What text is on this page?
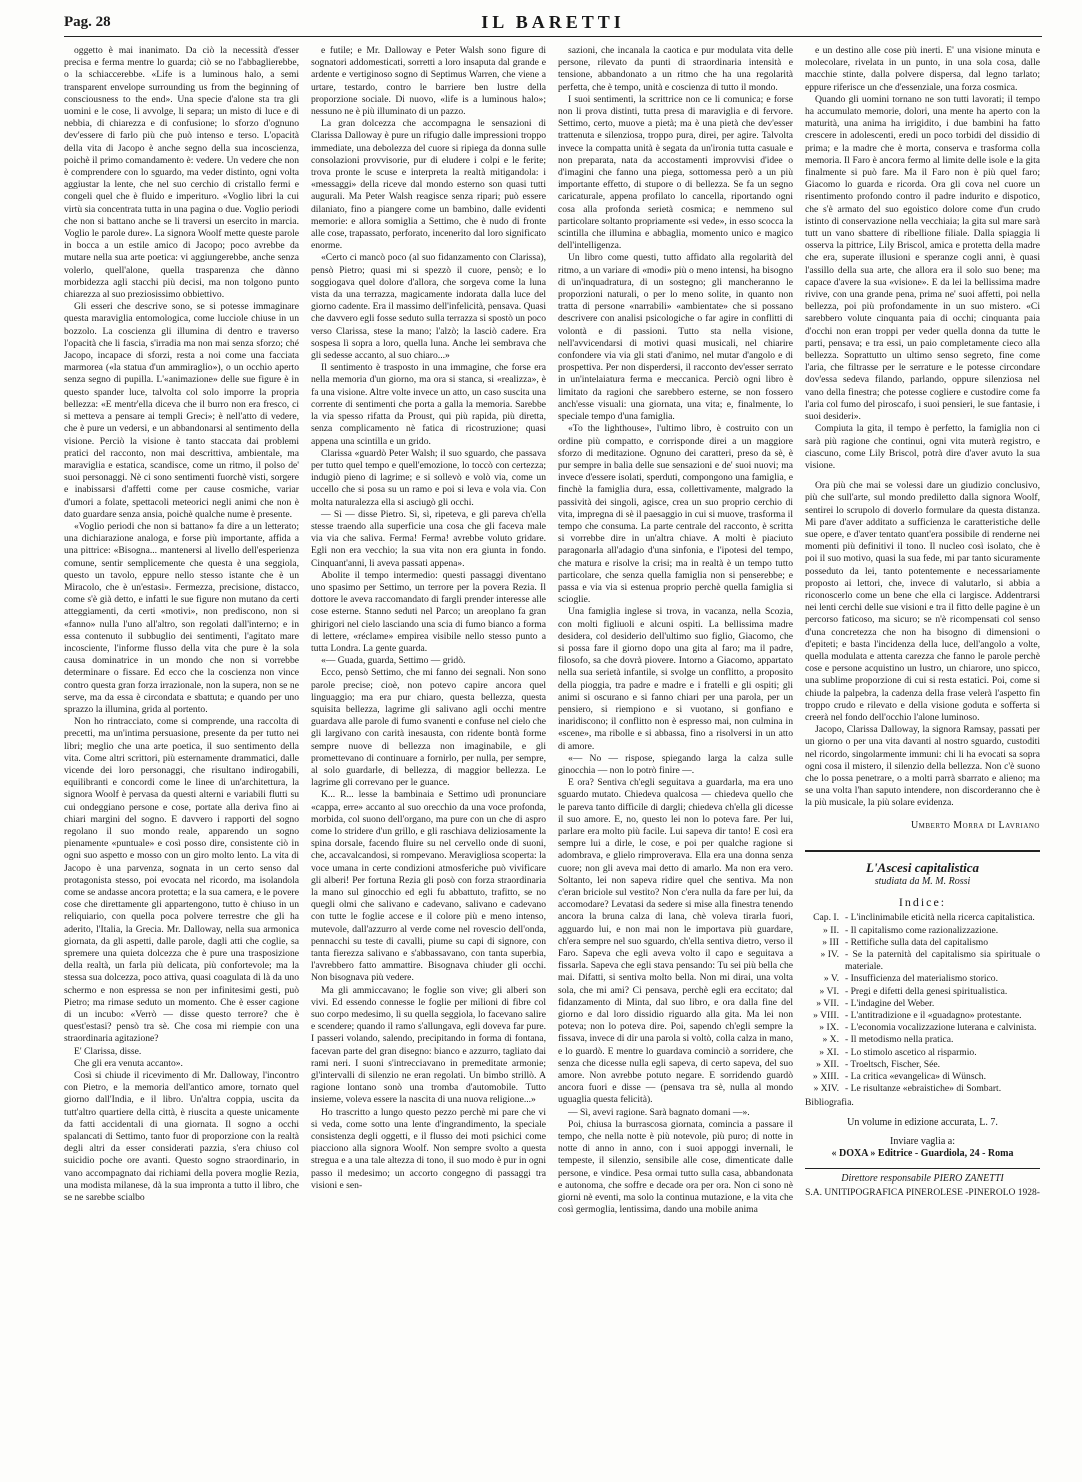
Pag. 28	IL BARETTI

oggetto è mai inanimato. Da ciò la necessità d'esser precisa e ferma mentre lo guarda; ciò se no l'abbaglierebbe, o la schiaccerebbe. «Life is a luminous halo, a semi transparent envelope surrounding us from the beginning of consciousness to the end». Una specie d'alone sta tra gli uomini e le cose, li avvolge, li separa; un misto di luce e di nebbia, di chiarezza e di confusione; lo sforzo d'ognuno dev'essere di farlo più che può intenso e terso. L'opacità della vita di Jacopo è anche segno della sua incoscienza, poichè il primo comandamento è: vedere. Un vedere che non è comprendere con lo sguardo, ma veder distinto, ogni volta aggiustar la lente, che nel suo cerchio di cristallo fermi e congeli quel che è fluido e imperituro. «Voglio libri la cui virtù sia concentrata tutta in una pagina o due. Voglio periodi che non si battano anche se li traversi un esercito in marcia. Voglio le parole dure». La signora Woolf mette queste parole in bocca a un estile amico di Jacopo; poco avrebbe da mutare nella sua arte poetica: vi aggiungerebbe, anche senza volerlo, quell'alone, quella trasparenza che dànno morbidezza agli stacchi più decisi, ma non tolgono punto chiarezza al suo preziosissimo obbiettivo.

Gli esseri che descrive sono, se si potesse immaginare questa maraviglia entomologica, come lucciole chiuse in un bozzolo. La coscienza gli illumina di dentro e traverso l'opacità che li fascia, s'irradia ma non mai senza sforzo; ché Jacopo, incapace di sforzi, resta a noi come una facciata marmorea («la statua d'un ammiraglio»), o un occhio aperto senza segno di pupilla. L'«animazione» delle sue figure è in questo spander luce, talvolta col solo imporre la propria bellezza: «E mentr'ella diceva che il burro non era fresco, ci si metteva a pensare ai templi Greci»; è nell'atto di vedere, che è pure un vedersi, e un abbandonarsi al sentimento della visione. Perciò la visione è tanto staccata dai problemi pratici del racconto, non mai descrittiva, ambientale, ma maraviglia e estatica, scandisce, come un ritmo, il polso de' suoi personaggi. Nè ci sono sentimenti fuorchè visti, sorgere e inabissarsi d'affetti come per cause cosmiche, variar d'umori a folate, spettacoli meteorici negli animi che non è dato guardare senza ansia, poichè qualche nume è presente.

«Voglio periodi che non si battano» fa dire a un letterato; una dichiarazione analoga, e forse più importante, affida a una pittrice: «Bisogna... mantenersi al livello dell'esperienza comune, sentir semplicemente che questa è una seggiola, questo un tavolo, eppure nello stesso istante che è un Miracolo, che è un'estasi». Fermezza, precisione, distacco, come s'è già detto, e infatti le sue figure non mutano da certi atteggiamenti, da certi «motivi», non prediscono, non si «fanno» nulla l'uno all'altro, son regolati dall'interno; e in essa contenuto il subbuglio dei sentimenti, l'agitato mare incosciente, l'informe flusso della vita che pure è la sola causa dominatrice in un mondo che non si vorrebbe determinare o fissare. Ed ecco che la coscienza non vince contro questa gran forza irrazionale, non la supera, non se ne serve, ma da essa è circondata e sbattuta; e quando per uno sprazzo la illumina, grida al portento.

Non ho rintracciato, come si comprende, una raccolta di precetti, ma un'intima persuasione, presente da per tutto nei libri; meglio che una arte poetica, il suo sentimento della vita. Come altri scrittori, più esternamente drammatici, dalle vicende dei loro personaggi, che risultano indirogabili, equilibranti e concordi come le linee di un'architettura, la signora Woolf è pervasa da questi alterni e variabili flutti su cui ondeggiano persone e cose, portate alla deriva fino ai chiari margini del sogno. E davvero i rapporti del sogno regolano il suo mondo reale, apparendo un sogno pienamente «puntuale» e così posso dire, consistente ciò in ogni suo aspetto e mosso con un giro molto lento. La vita di Jacopo è una parvenza, sognata in un certo senso dal protagonista stesso, poi evocata nel ricordo, ma isolandola come se andasse ancora protetta; e la sua camera, e le povere cose che direttamente gli appartengono, tutto è chiuso in un reliquiario, con quella poca polvere terrestre che gli ha aderito, l'Italia, la Grecia. Mr. Dalloway, nella sua armonica giornata, da gli aspetti, dalle parole, dagli atti che coglie, sa spremere una quieta dolcezza che è pure una trasposizione della realtà, un farla più delicata, più confortevole; ma la stessa sua dolcezza, poco attiva, quasi coagulata di là da uno schermo e non espressa se non per infinitesimi gesti, può Pietro; ma rimase seduto un momento. Che è esser cagione di un incubo: «Verrò — disse questo terrore? che è quest'estasi? pensò tra sè. Che cosa mi riempie con una straordinaria agitazione?

E' Clarissa, disse.

Che gli era venuta accanto».

Così si chiude il ricevimento di Mr. Dalloway, l'incontro con Pietro, e la memoria dell'antico amore, tornato quel giorno dall'India, e il libro. Un'altra coppia, uscita da tutt'altro quartiere della città, è riuscita a queste unicamente da fatti accidentali di una giornata. Il sogno a occhi spalancati di Settimo, tanto fuor di proporzione con la realtà degli altri da esser considerati pazzia, s'era chiuso col suicidio poche ore avanti. Questo sogno straordinario, in vano accompagnato dai richiami della povera moglie Rezia, una modista milanese, dà la sua impronta a tutto il libro, che se ne sarebbe scialbo

e futile; e Mr. Dalloway e Peter Walsh sono figure di sognatori addomesticati, sorretti a loro insaputa dal grande e ardente e vertiginoso sogno di Septimus Warren, che viene a urtare, testardo, contro le barriere ben lustre della proporzione sociale. Di nuovo, «life is a luminous halo»; nessuno ne è più illuminato di un pazzo.

La gran dolcezza che accompagna le sensazioni di Clarissa Dalloway è pure un rifugio dalle impressioni troppo immediate, una debolezza del cuore si ripiega da donna sulle consolazioni provvisorie, pur di eludere i colpi e le ferite; trova pronte le scuse e interpreta la realtà mitigandola: i «messaggi» della riceve dal mondo esterno son quasi tutti augurali. Ma Peter Walsh reagisce senza ripari; può essere dilaniato, fino a piangere come un bambino, dalle evidenti memorie: e allora somiglia a Settimo, che è nudo di fronte alle cose, trapassato, perforato, incenerito dal loro significato enorme.

«Certo ci mancò poco (al suo fidanzamento con Clarissa), pensò Pietro; quasi mi si spezzò il cuore, pensò; e lo soggiogava quel dolore d'allora, che sorgeva come la luna vista da una terrazza, magicamente indorata dalla luce del giorno cadente. Era il massimo dell'infelicità, pensava. Quasi che davvero egli fosse seduto sulla terrazza si spostò un poco verso Clarissa, stese la mano; l'alzò; la lasciò cadere. Era sospesa lì sopra a loro, quella luna. Anche lei sembrava che gli sedesse accanto, al suo chiaro...»

Il sentimento è trasposto in una immagine, che forse era nella memoria d'un giorno, ma ora si stanca, si «realizza», è fa una visione. Altre volte invece un atto, un caso suscita una corrente di sentimenti che porta a galla la memoria. Sarebbe la via spesso rifatta da Proust, qui più rapida, più diretta, senza complicamento nè fatica di ricostruzione; quasi appena una scintilla e un grido.

Clarissa «guardò Peter Walsh; il suo sguardo, che passava per tutto quel tempo e quell'emozione, lo toccò con certezza; indugiò pieno di lagrime; e si sollevò e volò via, come un uccello che si posa su un ramo e poi si leva e vola via. Con molta naturalezza ella si asciugò gli occhi.

— Sì — disse Pietro. Sì, sì, ripeteva, e gli pareva ch'ella stesse traendo alla superficie una cosa che gli faceva male via via che saliva. Ferma! Ferma! avrebbe voluto gridare. Egli non era vecchio; la sua vita non era giunta in fondo. Cinquant'anni, li aveva passati appena».

Abolite il tempo intermedio: questi passaggi diventano uno spasimo per Settimo, un terrore per la povera Rezia. Il dottore le aveva raccomandato di fargli prender interesse alle cose esterne. Stanno seduti nel Parco; un areoplano fa gran ghirigori nel cielo lasciando una scia di fumo bianco a forma di lettere, «réclame» empirea visibile nello stesso punto a tutta Londra. La gente guarda.

«— Guada, guarda, Settimo — gridò.

Ecco, pensò Settimo, che mi fanno dei segnali. Non sono parole precise; cioè, non potevo capire ancora quel linguaggio; ma era pur chiaro, questa bellezza, questa squisita bellezza, lagrime gli salivano agli occhi mentre guardava alle parole di fumo svanenti e confuse nel cielo che gli largivano con carità inesausta, con ridente bontà forme sempre nuove di bellezza non imaginabile, e gli promettevano di continuare a fornirlo, per nulla, per sempre, al solo guardarle, di bellezza, di maggior bellezza. Le lagrime gli correvano per le guance.

K... R... lesse la bambinaia e Settimo udì pronunciare «cappa, erre» accanto al suo orecchio da una voce profonda, morbida, col suono dell'organo, ma pure con un che di aspro come lo stridere d'un grillo, e gli raschiava deliziosamente la spina dorsale, facendo fluire su nel cervello onde di suoni, che, accavalcandosi, si rompevano. Meravigliosa scoperta: la voce umana in certe condizioni atmosferiche può vivificare gli alberi! Per fortuna Rezia gli posò con forza straordinaria la mano sul ginocchio ed egli fu abbattuto, trafitto, se no quegli olmi che salivano e cadevano, salivano e cadevano con tutte le foglie accese e il colore più e meno intenso, mutevole, dall'azzurro al verde come nel rovescio dell'onda, pennacchi su teste di cavalli, piume su capi di signore, con tanta fierezza salivano e s'abbassavano, con tanta superbia, l'avrebbero fatto ammattire. Bisognava chiuder gli occhi. Non bisognava più vedere.

Ma gli ammiccavano; le foglie son vive; gli alberi son vivi. Ed essendo connesse le foglie per milioni di fibre col suo corpo medesimo, lì su quella seggiola, lo facevano salire e scendere; quando il ramo s'allungava, egli doveva far pure. I passeri volando, salendo, precipitando in forma di fontana, facevan parte del gran disegno: bianco e azzurro, tagliato dai rami neri. I suoni s'intrecciavano in premeditate armonie; gl'intervalli di silenzio ne eran regolati. Un bimbo strillò. A ragione lontano sonò una tromba d'automobile. Tutto insieme, voleva essere la nascita di una nuova religione...»

Ho trascritto a lungo questo pezzo perchè mi pare che vi si veda, come sotto una lente d'ingrandimento, la speciale consistenza degli oggetti, e il flusso dei moti psichici come piacciono alla signora Woolf. Non sempre svolto a questa stregua e a una tale altezza di tono, il suo modo è pur in ogni passo il medesimo; un accorto congegno di passaggi tra visioni e sen-

sazioni, che incanala la caotica e pur modulata vita delle persone, rilevato da punti di straordinaria intensità e tensione, abbandonato a un ritmo che ha una regolarità perfetta, che è tempo, unità e coscienza di tutto il mondo.

I suoi sentimenti, la scrittrice non ce li comunica; e forse non li prova distinti, tutta presa di maraviglia e di fervore. Settimo, certo, muove a pietà; ma è una pietà che dev'esser trattenuta e silenziosa, troppo pura, direi, per agire. Talvolta invece la compatta unità è segata da un'ironia tutta casuale e non preparata, nata da accostamenti improvvisi d'idee o d'imagini che fanno una piega, sottomessa però a un più importante effetto, di stupore o di bellezza. Se fa un segno caricaturale, appena profilato lo cancella, riportando ogni cosa alla profonda serietà cosmica; e nemmeno sul particolare soltanto propriamente «si vede», in esso scocca la scintilla che illumina e abbaglia, momento unico e magico dell'intelligenza.

Un libro come questi, tutto affidato alla regolarità del ritmo, a un variare di «modi» più o meno intensi, ha bisogno di un'inquadratura, di un sostegno; gli mancheranno le proporzioni naturali, o per lo meno solite, in quanto non tratta di persone «narrabili» «ambientate» che si possano descrivere con analisi psicologiche o far agire in conflitti di volontà e di passioni. Tutto sta nella visione, nell'avvicendarsi di motivi quasi musicali, nel chiarire confondere via via gli stati d'animo, nel mutar d'angolo e di prospettiva. Per non disperdersi, il racconto dev'esser serrato in un'intelaiatura ferma e meccanica. Perciò ogni libro è limitato da ragioni che sarebbero esterne, se non fossero anch'esse visuali: una giornata, una vita; e, finalmente, lo speciale tempo d'una famiglia.

«To the lighthouse», l'ultimo libro, è costruito con un ordine più compatto, e corrisponde direi a un maggiore sforzo di meditazione. Ognuno dei caratteri, preso da sè, è pur sempre in balìa delle sue sensazioni e de' suoi nuovi; ma invece d'essere isolati, sperduti, compongono una famiglia, e finchè la famiglia dura, essa, collettivamente, malgrado la passività dei singoli, agisce, crea un suo proprio cerchio di vita, impregna di sè il paesaggio in cui si muove, trasforma il tempo che consuma. La parte centrale del racconto, è scritta si vorrebbe dire in un'altra chiave. A molti è piaciuto paragonarla all'adagio d'una sinfonia, e l'ipotesi del tempo, che matura e risolve la crisi; ma in realtà è un tempo tutto particolare, che senza quella famiglia non si penserebbe; e passa e via via si estenua proprio perchè quella famiglia si scioglie.

Una famiglia inglese si trova, in vacanza, nella Scozia, con molti figliuoli e alcuni ospiti. La bellissima madre desidera, col desiderio dell'ultimo suo figlio, Giacomo, che si possa fare il giorno dopo una gita al faro; ma il padre, filosofo, sa che dovrà piovere. Intorno a Giacomo, appartato nella sua serietà infantile, si svolge un conflitto, a proposito della pioggia, tra padre e madre e i fratelli e gli ospiti; gli animi si oscurano e si fanno chiari per una parola, per un pensiero, si riempiono e si vuotano, si gonfiano e inaridiscono; il conflitto non è espresso mai, non culmina in «scene», ma ribolle e si abbassa, fino a risolversi in un atto di amore.

«— No — rispose, spiegando larga la calza sulle ginocchia — non lo potrò finire —.

E ora? Sentiva ch'egli seguitava a guardarla, ma era uno sguardo mutato. Chiedeva qualcosa — chiedeva quello che le pareva tanto difficile di dargli; chiedeva ch'ella gli dicesse il suo amore. E, no, questo lei non lo poteva fare. Per lui, parlare era molto più facile. Lui sapeva dir tanto! E così era sempre lui a dirle, le cose, e poi per qualche ragione si adombrava, e glielo rimproverava. Ella era una donna senza cuore; non gli aveva mai detto di amarlo. Ma non era vero. Soltanto, lei non sapeva ridire quel che sentiva. Ma non c'eran briciole sul vestito? Non c'era nulla da fare per lui, da accomodare? Levatasi da sedere si mise alla finestra tenendo ancora la bruna calza di lana, chè voleva tirarla fuori, agguardo lui, e non mai non le importava più guardare, ch'era sempre nel suo sguardo, ch'ella sentiva dietro, verso il Faro. Sapeva che egli aveva volto il capo e seguitava a fissarla. Sapeva che egli stava pensando: Tu sei più bella che mai. Difatti, si sentiva molto bella. Non mi dirai, una volta sola, che mi ami? Ci pensava, perchè egli era eccitato; dal fidanzamento di Minta, dal suo libro, e ora dalla fine del giorno e dal loro dissidio riguardo alla gita. Ma lei non poteva; non lo poteva dire. Poi, sapendo ch'egli sempre la fissava, invece di dir una parola si voltò, colla calza in mano, e lo guardò. E mentre lo guardava cominciò a sorridere, che senza che dicesse nulla egli sapeva, di certo sapeva, del suo amore. Non avrebbe potuto negare. E sorridendo guardò ancora fuori e disse — (pensava tra sè, nulla al mondo uguaglia questa felicità).

— Sì, avevi ragione. Sarà bagnato domani —».

Poi, chiusa la burrascosa giornata, comincia a passare il tempo, che nella notte è più notevole, più puro; di notte in notte di anno in anno, con i suoi appoggi invernali, le tempeste, il silenzio, sensibile alle cose, dimenticate dalle persone, e vindice. Pesa ormai tutto sulla casa, abbandonata e autonoma, che soffre e decade ora per ora. Non ci sono nè giorni nè eventi, ma solo la continua mutazione, e la vita che così germoglia, lentissima, dando una mobile anima

e un destino alle cose più inerti. E' una visione minuta e molecolare, rivelata in un punto, in una sola cosa, dalle macchie stinte, dalla polvere dispersa, dal legno tarlato; eppure riferisce un che d'essenziale, una forza cosmica.

Quando gli uomini tornano ne son tutti lavorati; il tempo ha accumulato memorie, dolori, una mente ha aperto con la maturità, una anima ha irrigidito, i due bambini ha fatto crescere in adolescenti, eredi un poco torbidi del dissidio di prima; e la madre che è morta, conserva e trasforma colla memoria. Il Faro è ancora fermo al limite delle isole e la gita finalmente si può fare. Ma il Faro non è più quel faro; Giacomo lo guarda e ricorda. Ora gli cova nel cuore un risentimento profondo contro il padre indurito e dispotico, che s'è armato del suo egoistico dolore come d'un crudo istinto di conservazione nella vecchiaia; la gita sul mare sarà tutt un vano sbattere di ribellione filiale. Dalla spiaggia li osserva la pittrice, Lily Briscol, amica e protetta della madre che era, superate illusioni e speranze cogli anni, è quasi l'assillo della sua arte, che allora era il solo suo bene; ma capace d'avere la sua «visione». E da lei la bellissima madre rivive, con una grande pena, prima ne' suoi affetti, poi nella bellezza, poi più profondamente in un suo mistero. «Ci sarebbero volute cinquanta paia di occhi; cinquanta paia d'occhi non eran troppi per veder quella donna da tutte le parti, pensava; e tra essi, un paio completamente cieco alla bellezza. Soprattutto un ultimo senso segreto, fine come l'aria, che filtrasse per le serrature e le potesse circondare dov'essa sedeva filando, parlando, oppure silenziosa nel vano della finestra; che potesse cogliere e custodire come fa l'aria col fumo del piroscafo, i suoi pensieri, le sue fantasie, i suoi desideri».

Compiuta la gita, il tempo è perfetto, la famiglia non ci sarà più ragione che continui, ogni vita muterà registro, e ciascuno, come Lily Briscol, potrà dire d'aver avuto la sua visione.

Ora più che mai se volessi dare un giudizio conclusivo, più che sull'arte, sul mondo prediletto dalla signora Woolf, sentirei lo scrupolo di doverlo formulare da questa distanza. Mi pare d'aver additato a sufficienza le caratteristiche delle sue opere, e d'aver tentato quant'era possibile di renderne nei momenti più definitivi il tono. Il nucleo così isolato, che è poi il suo motivo, quasi la sua fede, mi par tanto sicuramente posseduto da lei, tanto potentemente e necessariamente proposto ai lettori, che, invece di valutarlo, si abbia a riconoscerlo come un bene che ella ci largisce. Addentrarsi nei lenti cerchi delle sue visioni e tra il fitto delle pagine è un percorso faticoso, ma sicuro; se n'è ricompensati col senso d'una concretezza che non ha bisogno di dimensioni o d'epiteti; e basta l'incidenza della luce, dell'angolo a volte, quella modulata e attenta carezza che fanno le parole perchè cose e persone acquistino un lustro, un chiarore, uno spicco, una sublime proporzione di cui si resta estatici. Poi, come si chiude la palpebra, la cadenza della frase velerà l'aspetto fin troppo crudo e rilevato e della visione goduta e sofferta si creerà nel fondo dell'occhio l'alone luminoso.

Jacopo, Clarissa Dalloway, la signora Ramsay, passati per un giorno o per una vita davanti al nostro sguardo, custoditi nel ricordo, singolarmente immuni: chi li ha evocati sa sopra ogni cosa il mistero, il silenzio della bellezza. Non c'è suono che lo possa penetrare, o a molti parrà sbarrato e alieno; ma se una volta l'han saputo intendere, non discorderanno che è la più musicale, la più solare evidenza.

Umberto Morra di Lavriano
L'Ascesi capitalistica
studiata da M. M. Rossi
Indice:
Cap. I. - L'inclinimabile eticità nella ricerca capitalistica.
» II. - Il capitalismo come razionalizzazione.
» III - Rettifiche sulla data del capitalismo
» IV. - Se la paternità del capitalismo sia spirituale o materiale.
» V. - Insufficienza del materialismo storico.
» VI. - Pregi e difetti della genesi spiritualistica.
» VII. - L'indagine del Weber.
» VIII. - L'antitradizione e il «guadagno» protestante.
» IX. - L'economia vocalizzazione luterana e calvinista.
» X. - Il metodismo nella pratica.
» XI. - Lo stimolo ascetico al risparmio.
» XII. - Troeltsch, Fischer, Sée.
» XIII. - La critica «evangelica» di Wünsch.
» XIV. - Le risultanze «ebraistiche» di Sombart.
Bibliografia.
Un volume in edizione accurata, L. 7.
Inviare vaglia a:
« DOXA » Editrice - Guardiola, 24 - Roma
Direttore responsabile PIERO ZANETTI
S.A. UNITIPOGRAFICA PINEROLESE -PINEROLO 1928-
